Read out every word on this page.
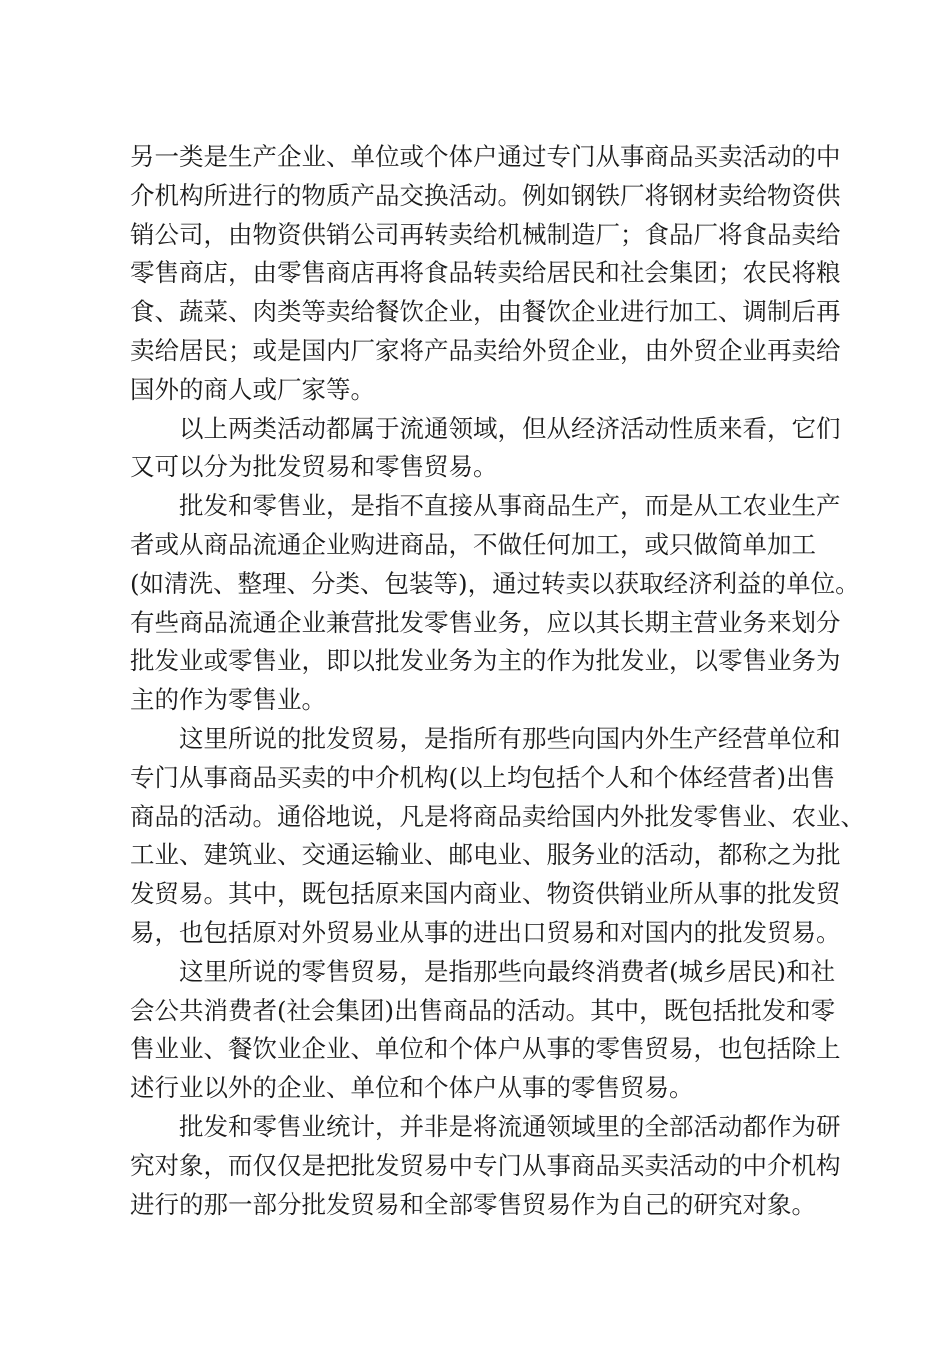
另一类是生产企业、单位或个体户通过专门从事商品买卖活动的中
介机构所进行的物质产品交换活动。例如钢铁厂将钢材卖给物资供
销公司，由物资供销公司再转卖给机械制造厂；食品厂将食品卖给
零售商店，由零售商店再将食品转卖给居民和社会集团；农民将粮
食、蔬菜、肉类等卖给餐饮企业，由餐饮企业进行加工、调制后再
卖给居民；或是国内厂家将产品卖给外贸企业，由外贸企业再卖给
国外的商人或厂家等。
以上两类活动都属于流通领域，但从经济活动性质来看，它们
又可以分为批发贸易和零售贸易。
批发和零售业，是指不直接从事商品生产，而是从工农业生产
者或从商品流通企业购进商品，不做任何加工，或只做简单加工
(如清洗、整理、分类、包装等)，通过转卖以获取经济利益的单位。
有些商品流通企业兼营批发零售业务，应以其长期主营业务来划分
批发业或零售业，即以批发业务为主的作为批发业，以零售业务为
主的作为零售业。
这里所说的批发贸易，是指所有那些向国内外生产经营单位和
专门从事商品买卖的中介机构(以上均包括个人和个体经营者)出售
商品的活动。通俗地说，凡是将商品卖给国内外批发零售业、农业、
工业、建筑业、交通运输业、邮电业、服务业的活动，都称之为批
发贸易。其中，既包括原来国内商业、物资供销业所从事的批发贸
易，也包括原对外贸易业从事的进出口贸易和对国内的批发贸易。
这里所说的零售贸易，是指那些向最终消费者(城乡居民)和社
会公共消费者(社会集团)出售商品的活动。其中，既包括批发和零
售业业、餐饮业企业、单位和个体户从事的零售贸易，也包括除上
述行业以外的企业、单位和个体户从事的零售贸易。
批发和零售业统计，并非是将流通领域里的全部活动都作为研
究对象，而仅仅是把批发贸易中专门从事商品买卖活动的中介机构
进行的那一部分批发贸易和全部零售贸易作为自己的研究对象。
